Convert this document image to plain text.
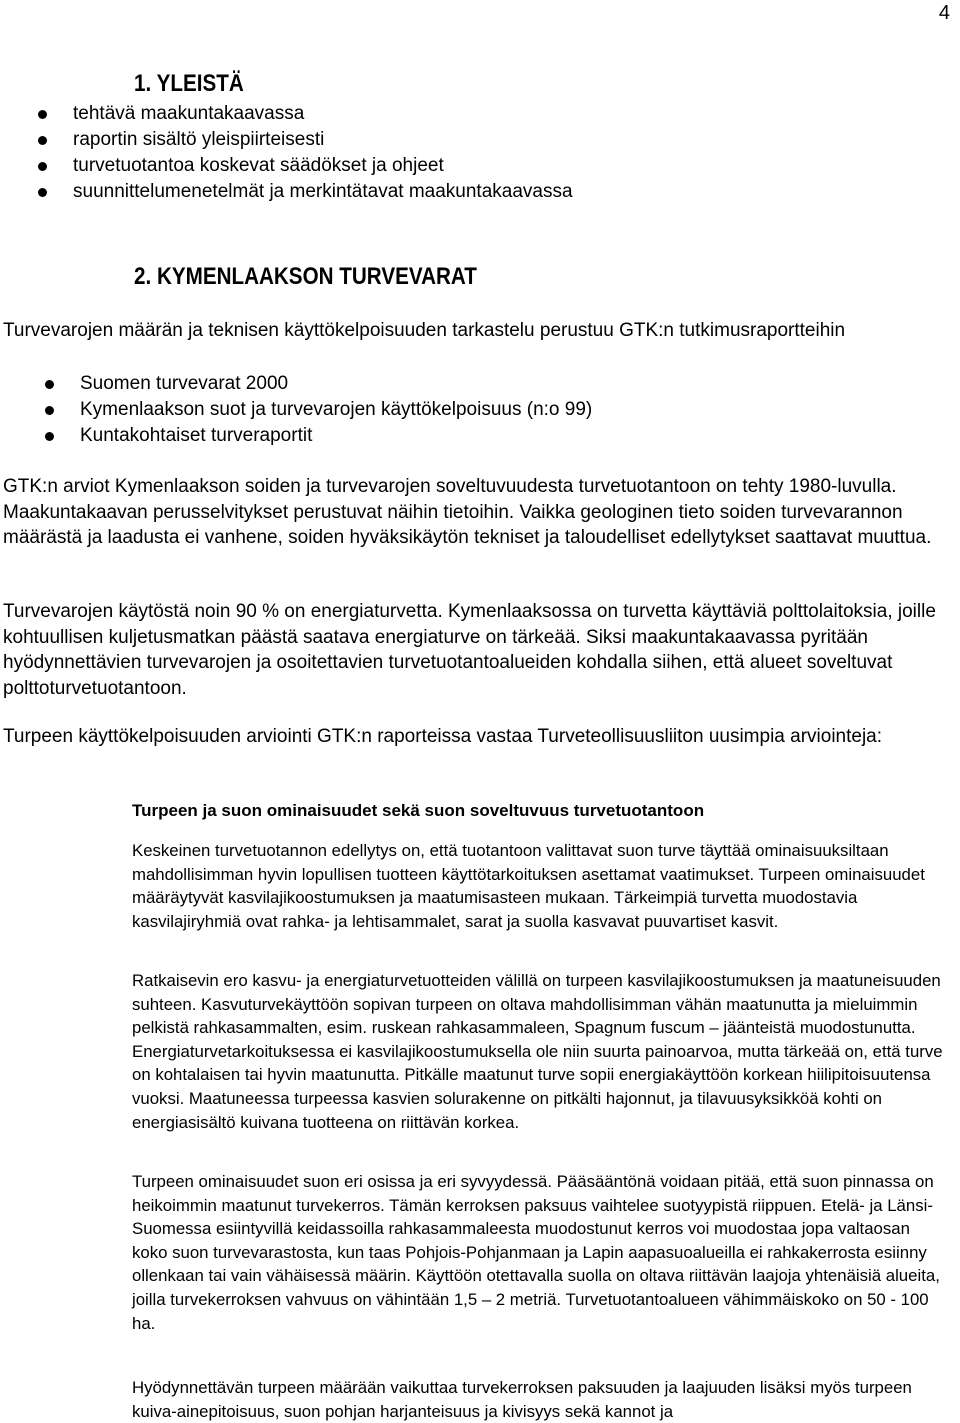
4
1. YLEISTÄ
tehtävä maakuntakaavassa
raportin sisältö yleispiirteisesti
turvetuotantoa koskevat säädökset ja ohjeet
suunnittelumenetelmät ja merkintätavat maakuntakaavassa
2. KYMENLAAKSON TURVEVARAT

Turvevarojen määrän ja teknisen käyttökelpoisuuden tarkastelu perustuu GTK:n tutkimusraportteihin

Suomen turvevarat 2000
Kymenlaakson suot ja turvevarojen käyttökelpoisuus (n:o 99)
Kuntakohtaiset turveraportit

GTK:n arviot Kymenlaakson soiden ja turvevarojen soveltuvuudesta turvetuotantoon on tehty 1980-luvulla. Maakuntakaavan perusselvitykset perustuvat näihin tietoihin. Vaikka geologinen tieto soiden turvevarannon määrästä ja laadusta ei vanhene, soiden hyväksikäytön tekniset ja taloudelliset edellytykset saattavat muuttua.

Turvevarojen käytöstä noin 90 % on energiaturvetta. Kymenlaaksossa on turvetta käyttäviä polttolaitoksia, joille kohtuullisen kuljetusmatkan päästä saatava energiaturve on tärkeää. Siksi maakuntakaavassa pyritään hyödynnettävien turvevarojen ja osoitettavien turvetuotantoalueiden kohdalla siihen, että alueet soveltuvat polttoturvetuotantoon.

Turpeen käyttökelpoisuuden arviointi GTK:n raporteissa vastaa Turveteollisuusliiton uusimpia arviointeja:

Turpeen ja suon ominaisuudet sekä suon soveltuvuus turvetuotantoon

Keskeinen turvetuotannon edellytys on, että tuotantoon valittavat suon turve täyttää ominaisuuksiltaan mahdollisimman hyvin lopullisen tuotteen käyttötarkoituksen asettamat vaatimukset. Turpeen ominaisuudet määräytyvät kasvilajikoostumuksen ja maatumisasteen mukaan. Tärkeimpiä turvetta muodostavia kasvilajiryhmiä ovat rahka- ja lehtisammalet, sarat ja suolla kasvavat puuvartiset kasvit.

Ratkaisevin ero kasvu- ja energiaturvetuotteiden välillä on turpeen kasvilajikoostumuksen ja maatuneisuuden suhteen. Kasvuturvekäyttöön sopivan turpeen on oltava mahdollisimman vähän maatunutta ja mieluimmin pelkistä rahkasammalten, esim. ruskean rahkasammaleen, Spagnum fuscum – jäänteistä muodostunutta. Energiaturvetarkoituksessa ei kasvilajikoostumuksella ole niin suurta painoarvoa, mutta tärkeää on, että turve on kohtalaisen tai hyvin maatunutta. Pitkälle maatunut turve sopii energiakäyttöön korkean hiilipitoisuutensa vuoksi. Maatuneessa turpeessa kasvien solurakenne on pitkälti hajonnut, ja tilavuusyksikköä kohti on energiasisältö kuivana tuotteena on riittävän korkea.

Turpeen ominaisuudet suon eri osissa ja eri syvyydessä. Pääsääntönä voidaan pitää, että suon pinnassa on heikoimmin maatunut turvekerros. Tämän kerroksen paksuus vaihtelee suotyypistä riippuen. Etelä- ja Länsi-Suomessa esiintyvillä keidassoilla rahkasammaleesta muodostunut kerros voi muodostaa jopa valtaosan koko suon turvevarastosta, kun taas Pohjois-Pohjanmaan ja Lapin aapasuoalueilla ei rahkakerrosta esiinny ollenkaan tai vain vähäisessä määrin. Käyttöön otettavalla suolla on oltava riittävän laajoja yhtenäisiä alueita, joilla turvekerroksen vahvuus on vähintään 1,5 – 2 metriä. Turvetuotantoalueen vähimmäiskoko on 50 - 100 ha.

Hyödynnettävän turpeen määrään vaikuttaa turvekerroksen paksuuden ja laajuuden lisäksi myös turpeen kuiva-ainepitoisuus, suon pohjan harjanteisuus ja kivisyys sekä kannot ja
